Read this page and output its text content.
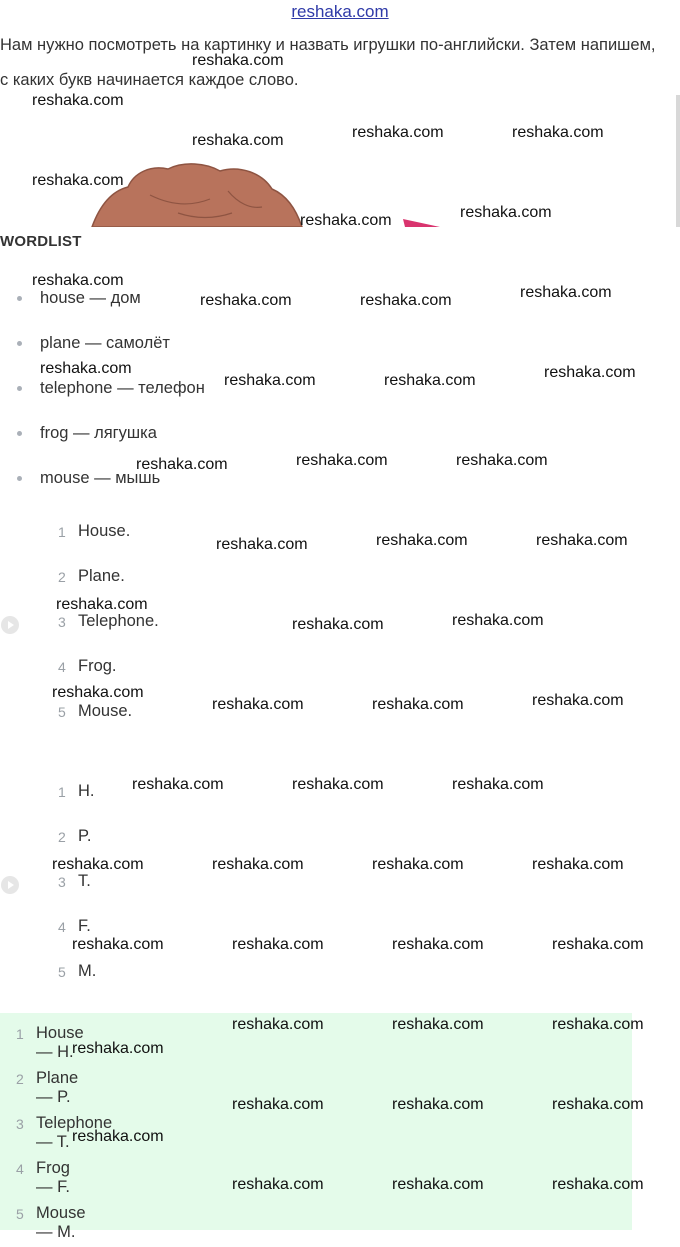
reshaka.com
Нам нужно посмотреть на картинку и назвать игрушки по-английски. Затем напишем, с каких букв начинается каждое слово.
WORDLIST
house — дом
plane — самолёт
telephone — телефон
frog — лягушка
mouse — мышь
1 House.
2 Plane.
3 Telephone.
4 Frog.
5 Mouse.
1 H.
2 P.
3 T.
4 F.
5 M.
1 House — H.
2 Plane — P.
3 Telephone — T.
4 Frog — F.
5 Mouse — M.
reshaka.com
reshaka.com
reshaka.com	reshaka.com	reshaka.com
reshaka.com
reshaka.com	reshaka.com
reshaka.com
reshaka.com	reshaka.com	reshaka.com
reshaka.com
reshaka.com	reshaka.com	reshaka.com
reshaka.com	reshaka.com	reshaka.com
reshaka.com	reshaka.com	reshaka.com
reshaka.com
reshaka.com	reshaka.com
reshaka.com
reshaka.com	reshaka.com	reshaka.com
reshaka.com	reshaka.com	reshaka.com
reshaka.com	reshaka.com	reshaka.com	reshaka.com
reshaka.com	reshaka.com	reshaka.com	reshaka.com
reshaka.com	reshaka.com	reshaka.com
reshaka.com
reshaka.com	reshaka.com	reshaka.com
reshaka.com
reshaka.com	reshaka.com	reshaka.com
